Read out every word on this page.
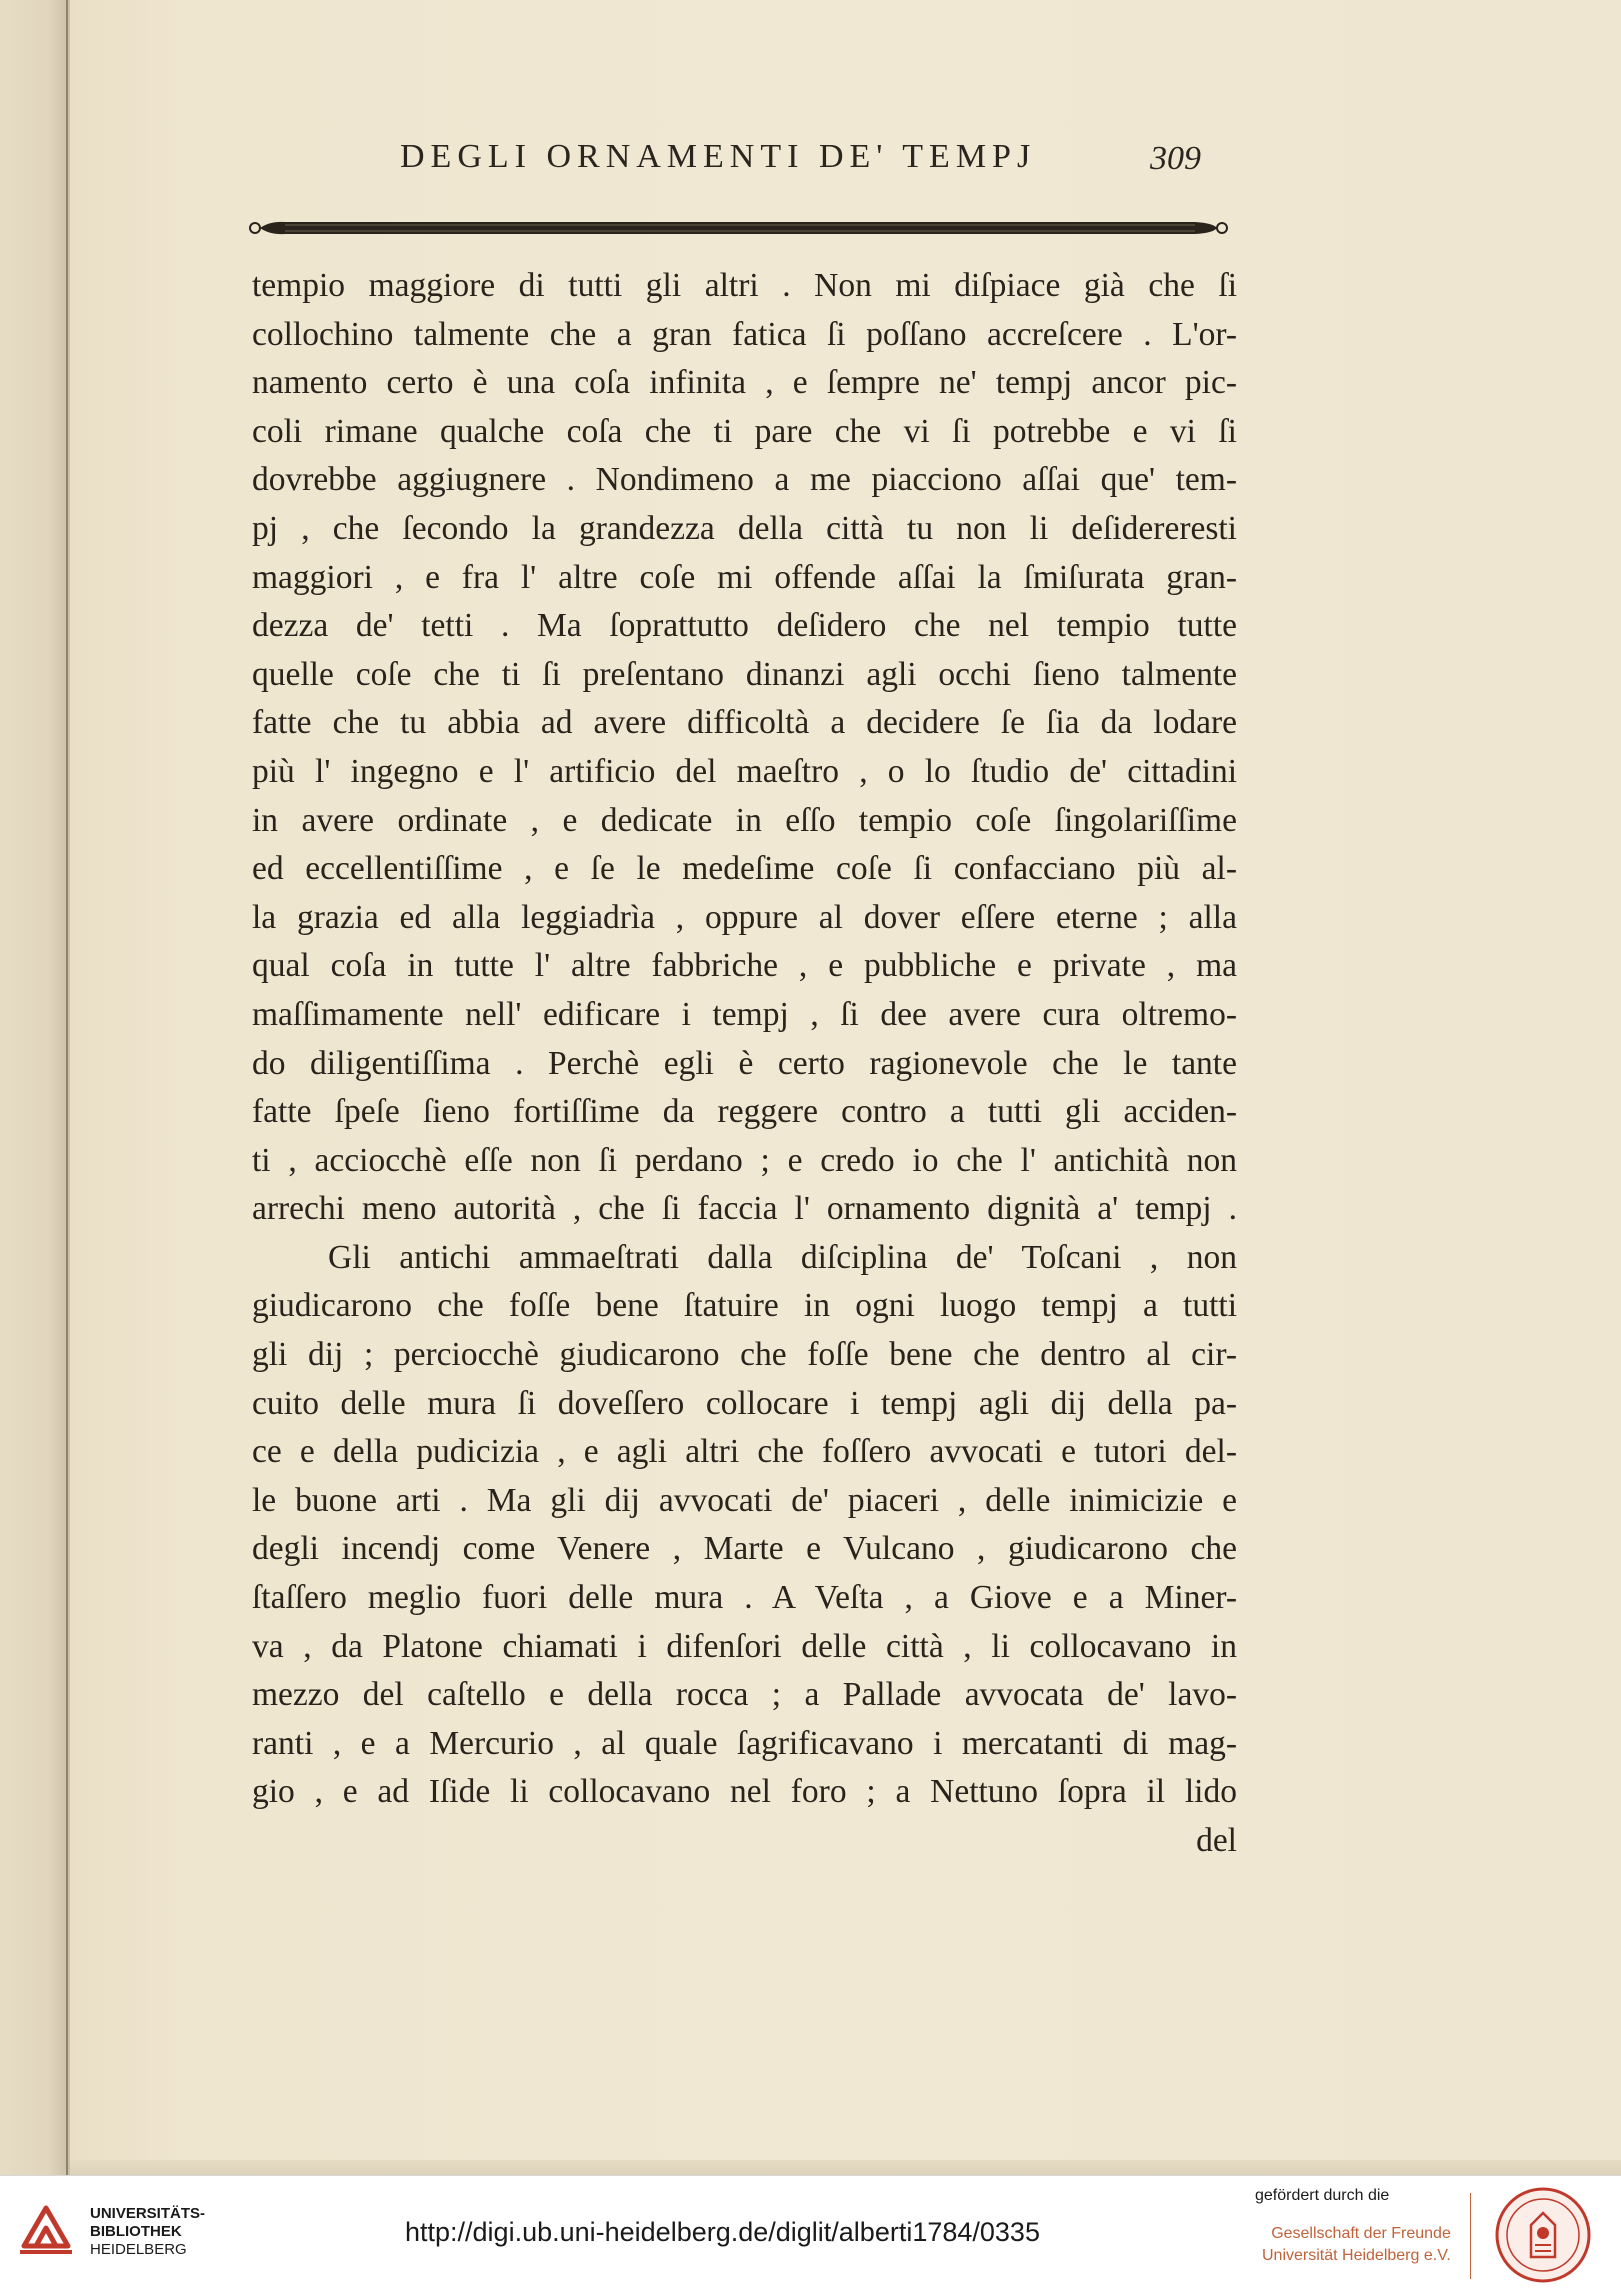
DEGLI ORNAMENTI DE' TEMPJ	309
tempio maggiore di tutti gli altri . Non mi diſpiace già che ſi
collochino talmente che a gran fatica ſi poſſano accreſcere . L'or-
namento certo è una coſa infinita , e ſempre ne' tempj ancor pic-
coli rimane qualche coſa che ti pare che vi ſi potrebbe e vi ſi
dovrebbe aggiugnere . Nondimeno a me piacciono aſſai que' tem-
pj , che ſecondo la grandezza della città tu non li deſidereresti
maggiori , e fra l' altre coſe mi offende aſſai la ſmiſurata gran-
dezza de' tetti . Ma ſoprattutto deſidero che nel tempio tutte
quelle coſe che ti ſi preſentano dinanzi agli occhi ſieno talmente
fatte che tu abbia ad avere difficoltà a decidere ſe ſia da lodare
più l' ingegno e l' artificio del maeſtro , o lo ſtudio de' cittadini
in avere ordinate , e dedicate in eſſo tempio coſe ſingolariſſime
ed eccellentiſſime , e ſe le medeſime coſe ſi confacciano più al-
la grazia ed alla leggiadrìa , oppure al dover eſſere eterne ; alla
qual coſa in tutte l' altre fabbriche , e pubbliche e private , ma
maſſimamente nell' edificare i tempj , ſi dee avere cura oltremo-
do diligentiſſima . Perchè egli è certo ragionevole che le tante
fatte ſpeſe ſieno fortiſſime da reggere contro a tutti gli acciden-
ti , acciocchè eſſe non ſi perdano ; e credo io che l' antichità non
arrechi meno autorità , che ſi faccia l' ornamento dignità a' tempj .
Gli antichi ammaeſtrati dalla diſciplina de' Toſcani , non
giudicarono che foſſe bene ſtatuire in ogni luogo tempj a tutti
gli dij ; perciocchè giudicarono che foſſe bene che dentro al cir-
cuito delle mura ſi doveſſero collocare i tempj agli dij della pa-
ce e della pudicizia , e agli altri che foſſero avvocati e tutori del-
le buone arti . Ma gli dij avvocati de' piaceri , delle inimicizie e
degli incendj come Venere , Marte e Vulcano , giudicarono che
ſtaſſero meglio fuori delle mura . A Veſta , a Giove e a Miner-
va , da Platone chiamati i difenſori delle città , li collocavano in
mezzo del caſtello e della rocca ; a Pallade avvocata de' lavo-
ranti , e a Mercurio , al quale ſagrificavano i mercatanti di mag-
gio , e ad Iſide li collocavano nel foro ; a Nettuno ſopra il lido
del
UNIVERSITÄTS-
BIBLIOTHEK
HEIDELBERG
http://digi.ub.uni-heidelberg.de/diglit/alberti1784/0335
gefördert durch die
Gesellschaft der Freunde
Universität Heidelberg e.V.
